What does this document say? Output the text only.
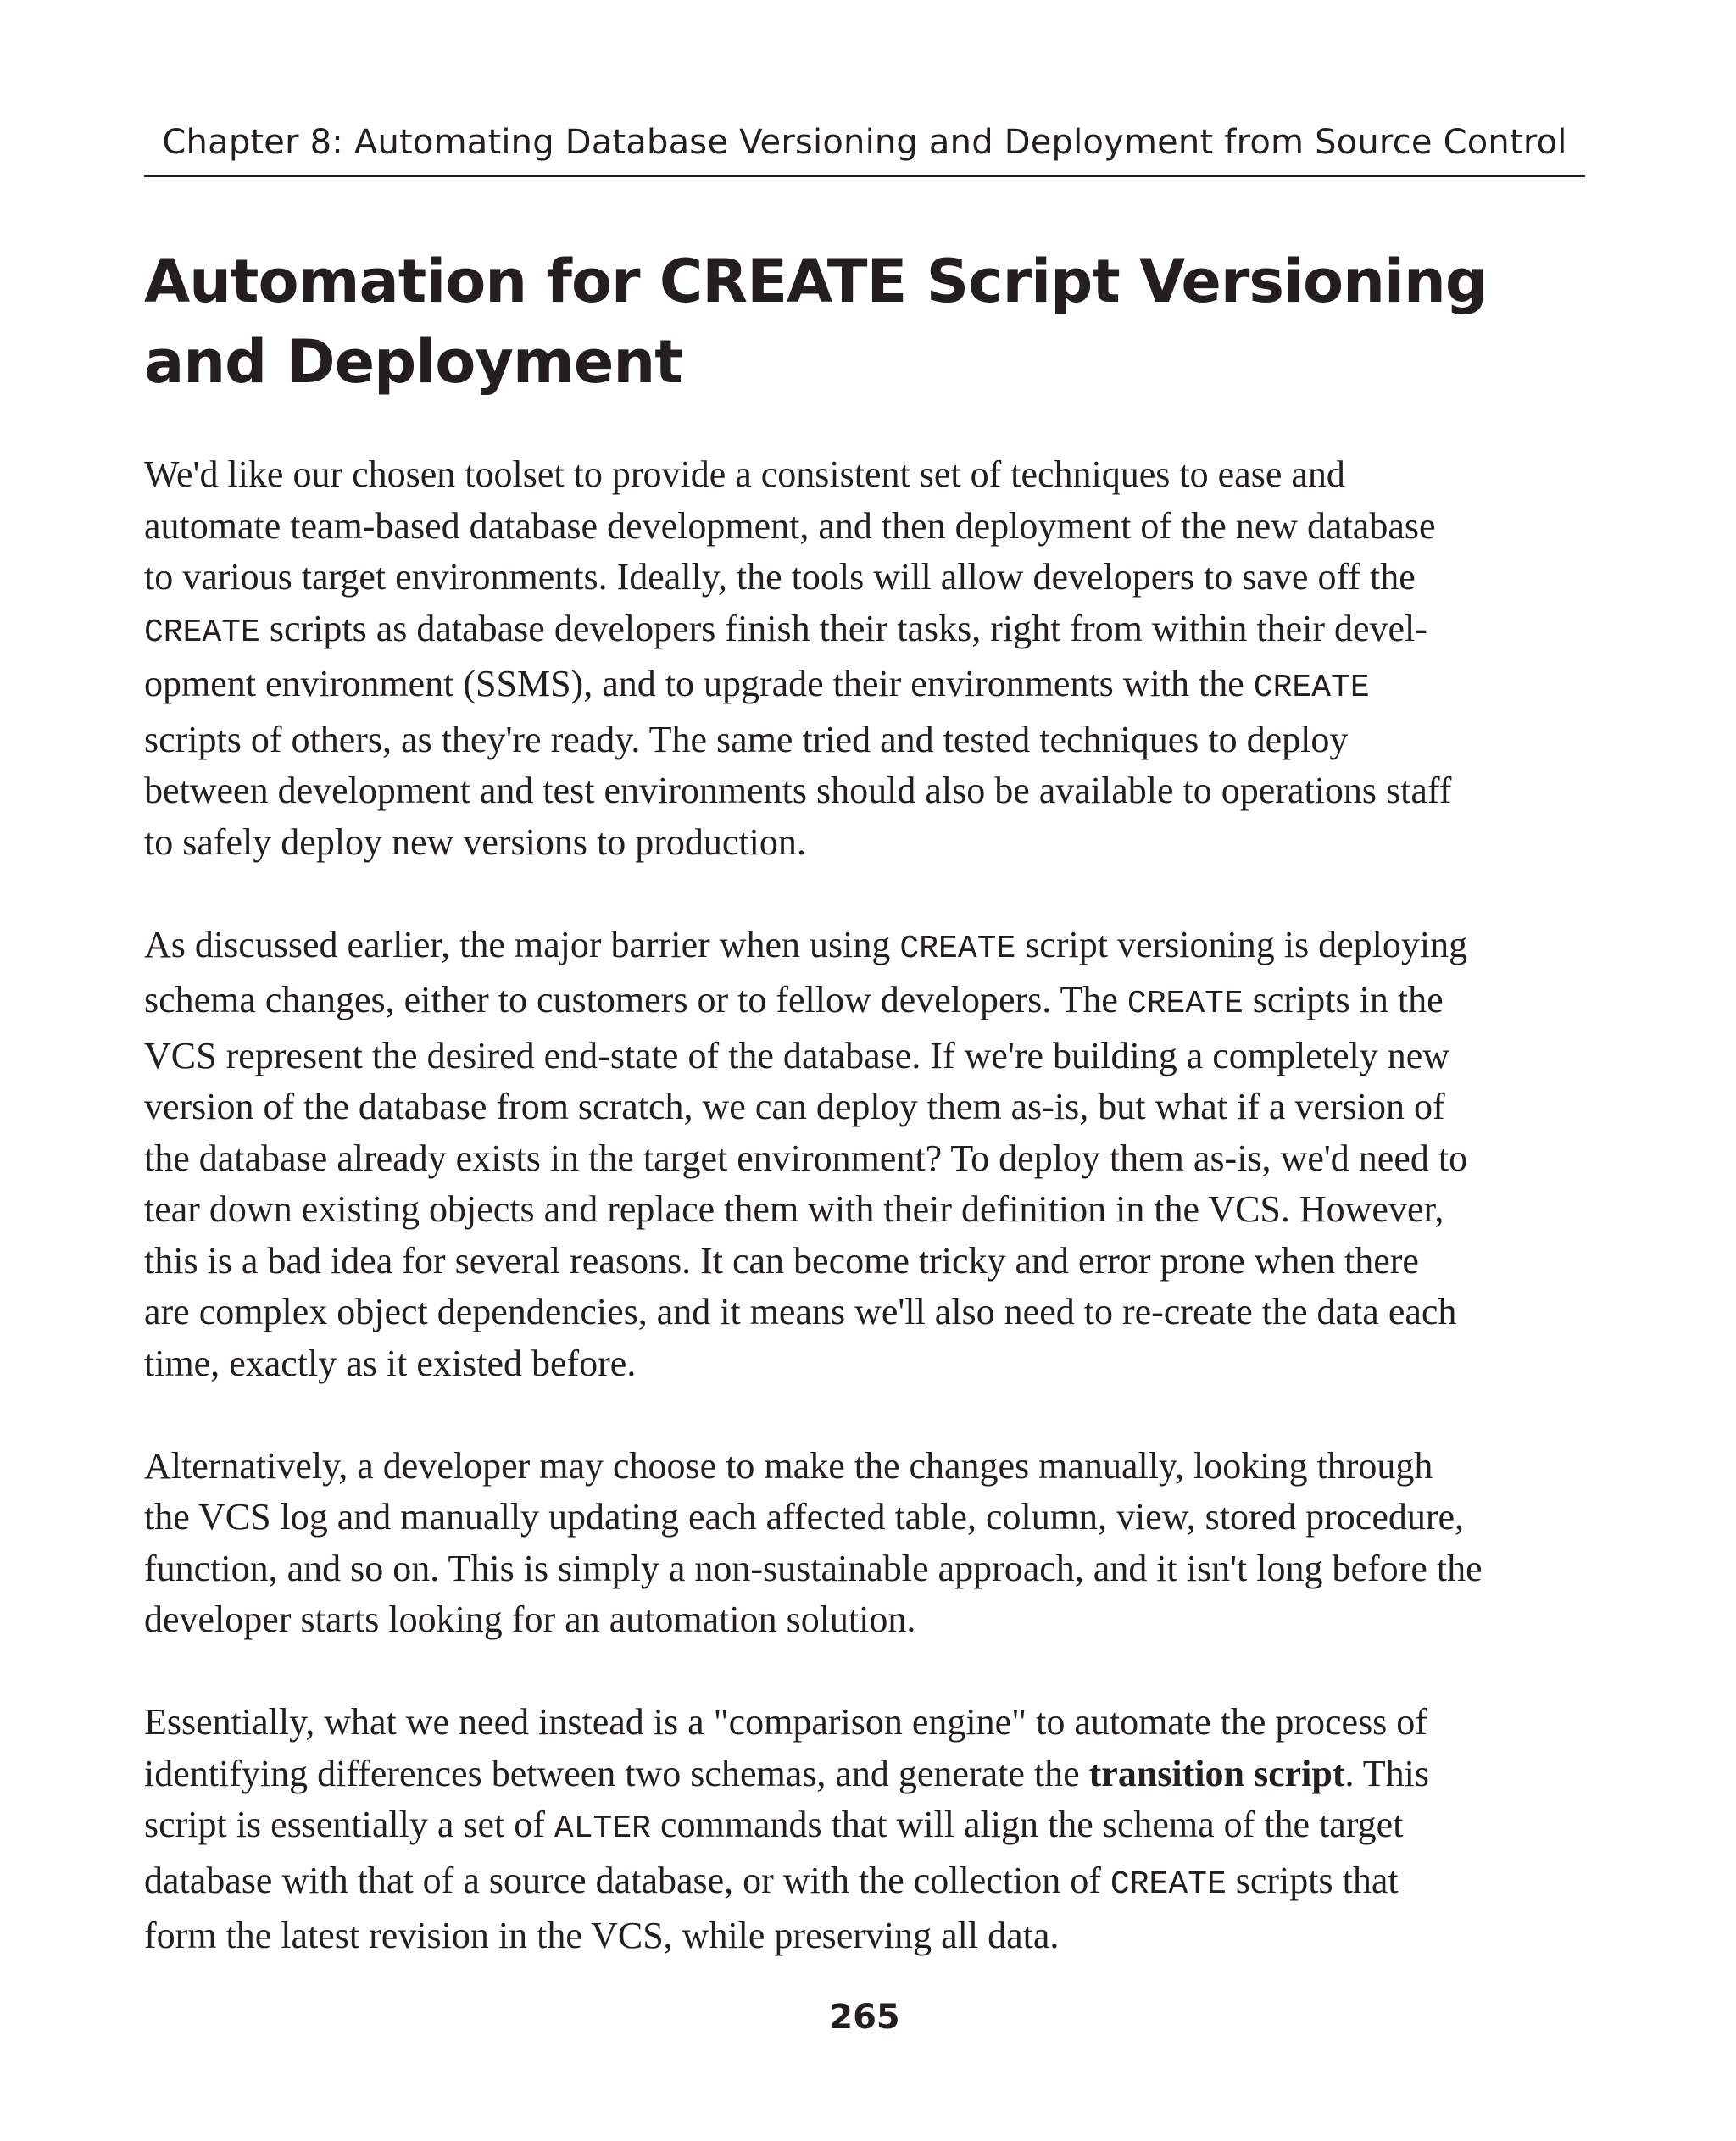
Chapter 8: Automating Database Versioning and Deployment from Source Control
Automation for CREATE Script Versioning and Deployment

We'd like our chosen toolset to provide a consistent set of techniques to ease and
automate team-based database development, and then deployment of the new database
to various target environments. Ideally, the tools will allow developers to save off the
CREATE scripts as database developers finish their tasks, right from within their devel-
opment environment (SSMS), and to upgrade their environments with the CREATE
scripts of others, as they're ready. The same tried and tested techniques to deploy
between development and test environments should also be available to operations staff
to safely deploy new versions to production.

As discussed earlier, the major barrier when using CREATE script versioning is deploying
schema changes, either to customers or to fellow developers. The CREATE scripts in the
VCS represent the desired end-state of the database. If we're building a completely new
version of the database from scratch, we can deploy them as-is, but what if a version of
the database already exists in the target environment? To deploy them as-is, we'd need to
tear down existing objects and replace them with their definition in the VCS. However,
this is a bad idea for several reasons. It can become tricky and error prone when there
are complex object dependencies, and it means we'll also need to re-create the data each
time, exactly as it existed before.

Alternatively, a developer may choose to make the changes manually, looking through
the VCS log and manually updating each affected table, column, view, stored procedure,
function, and so on. This is simply a non-sustainable approach, and it isn't long before the
developer starts looking for an automation solution.

Essentially, what we need instead is a "comparison engine" to automate the process of
identifying differences between two schemas, and generate the transition script. This
script is essentially a set of ALTER commands that will align the schema of the target
database with that of a source database, or with the collection of CREATE scripts that
form the latest revision in the VCS, while preserving all data.

265
